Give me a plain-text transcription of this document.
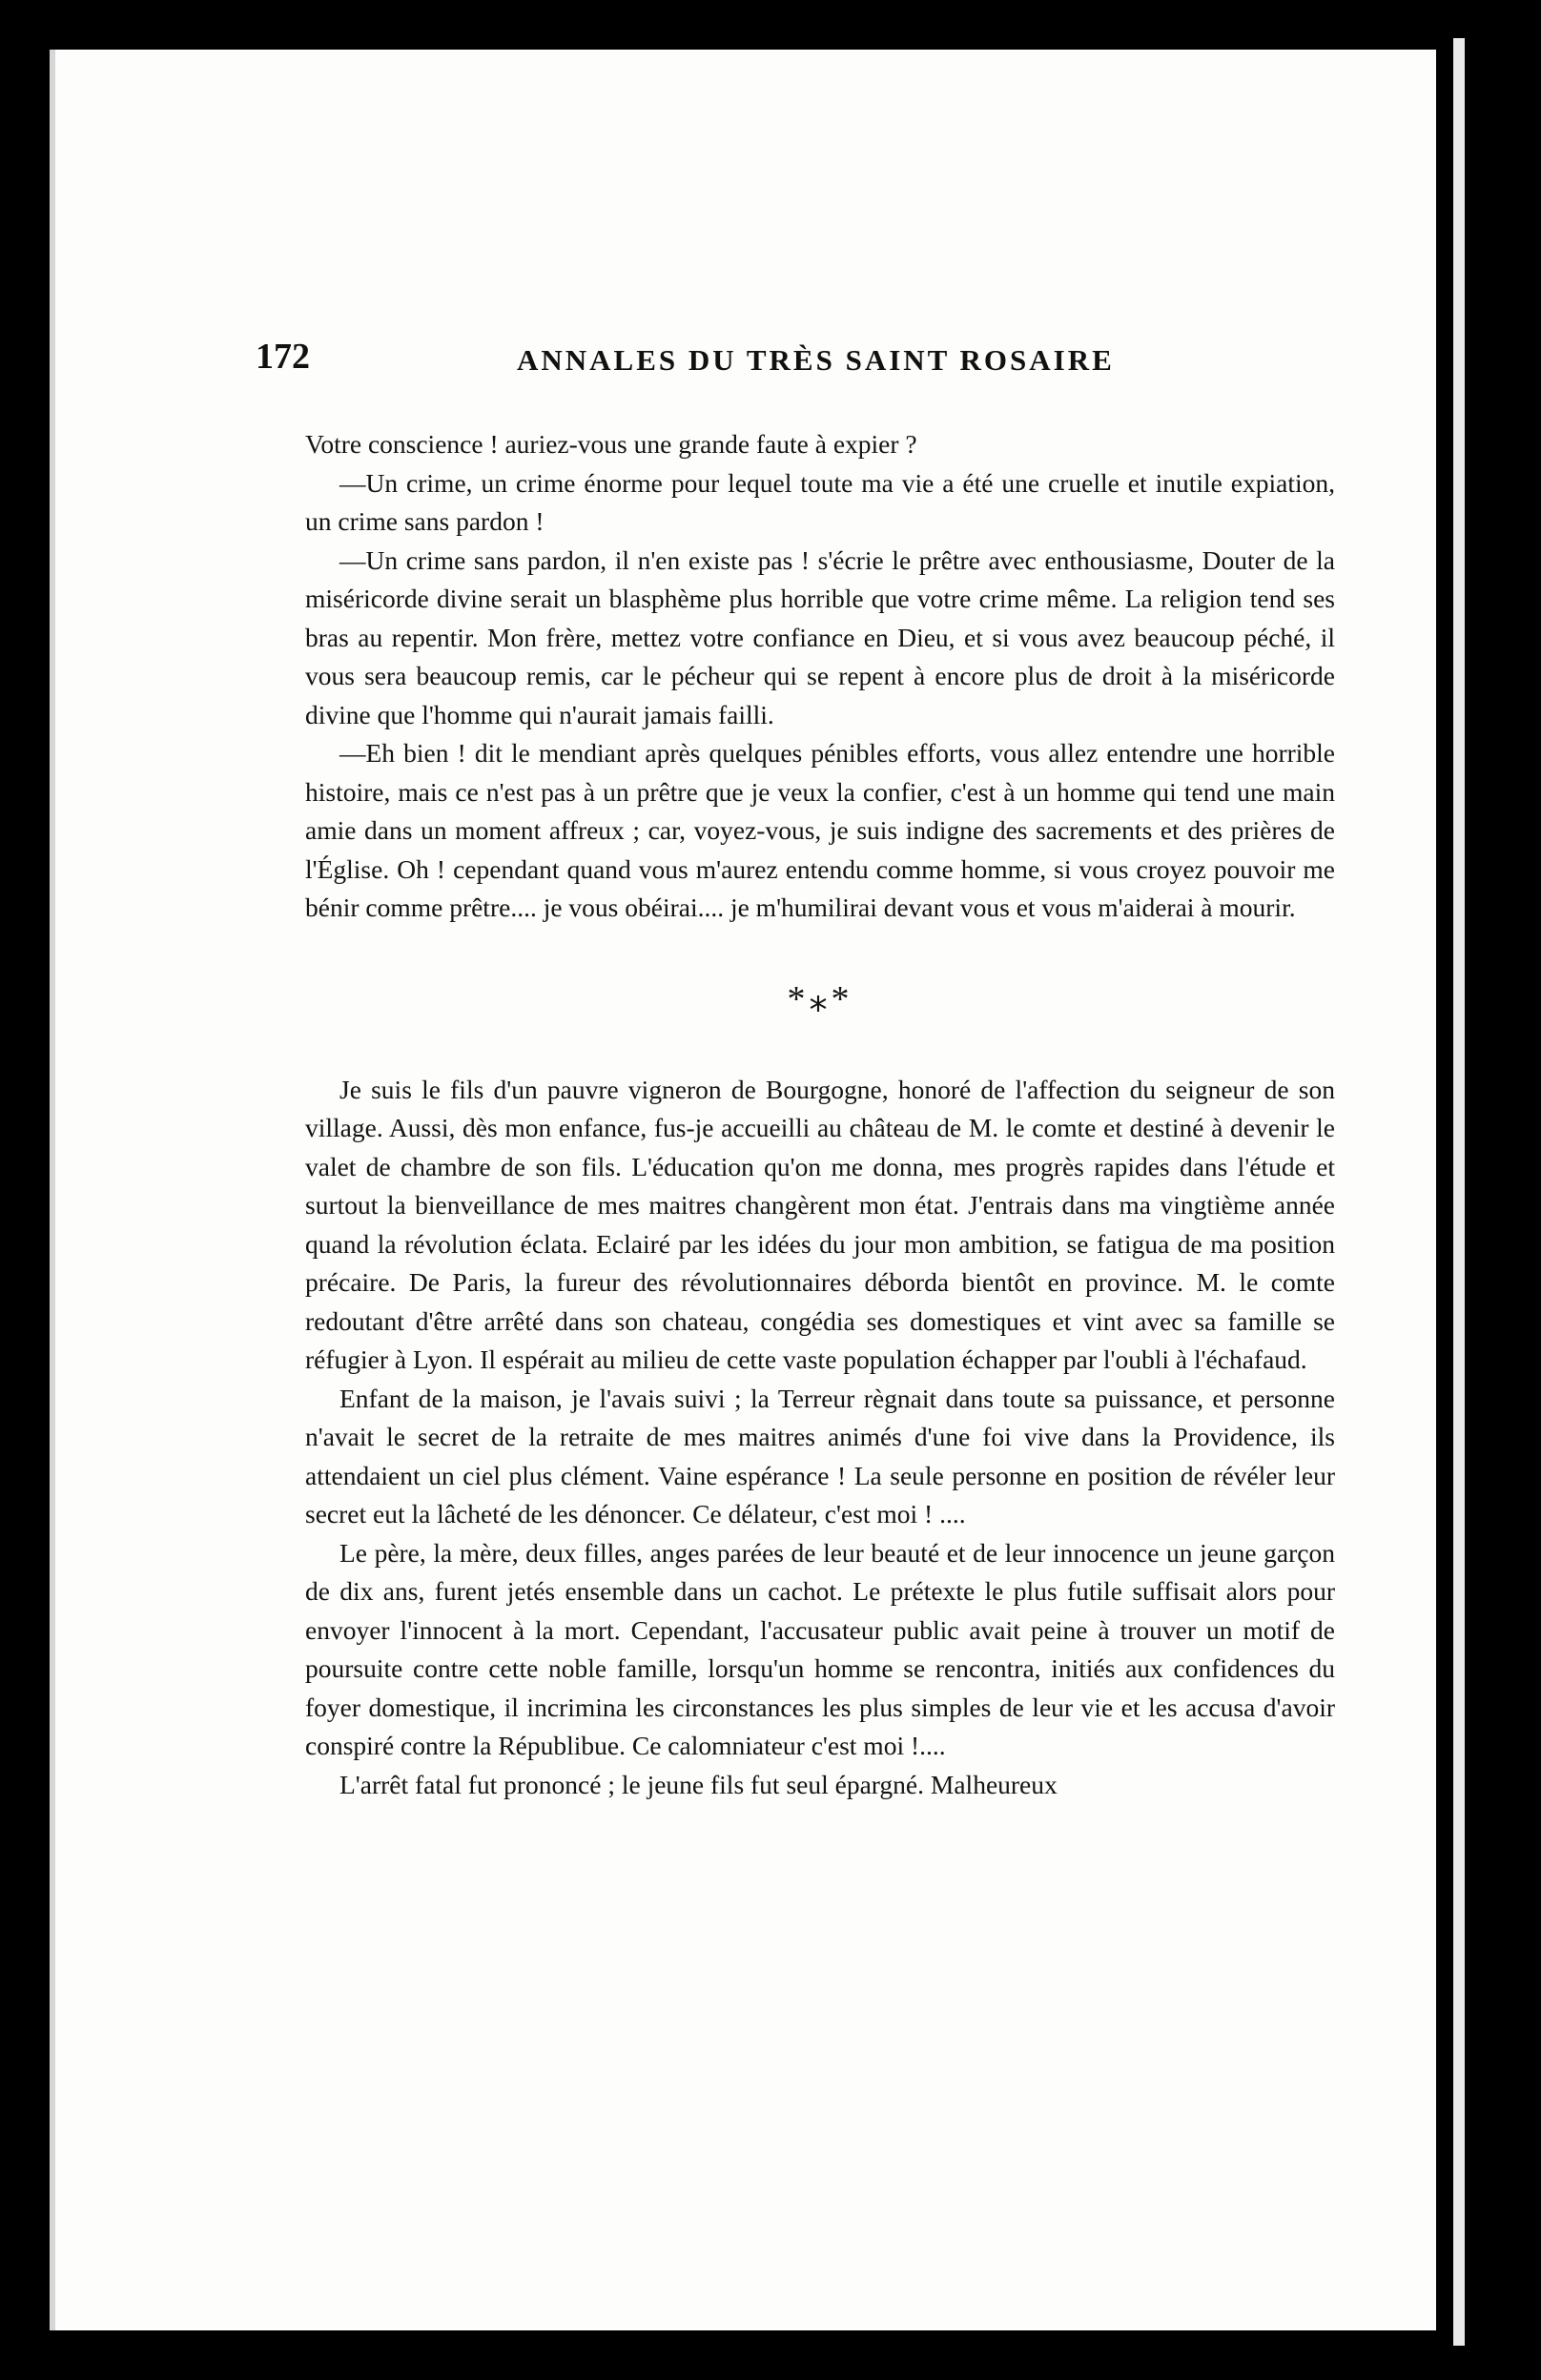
172	ANNALES DU TRÈS SAINT ROSAIRE

Votre conscience ! auriez-vous une grande faute à expier ?

—Un crime, un crime énorme pour lequel toute ma vie a été une cruelle et inutile expiation, un crime sans pardon !

—Un crime sans pardon, il n'en existe pas ! s'écrie le prêtre avec enthousiasme, Douter de la miséricorde divine serait un blasphème plus horrible que votre crime même. La religion tend ses bras au repentir. Mon frère, mettez votre confiance en Dieu, et si vous avez beaucoup péché, il vous sera beaucoup remis, car le pécheur qui se repent à encore plus de droit à la miséricorde divine que l'homme qui n'aurait jamais failli.

—Eh bien ! dit le mendiant après quelques pénibles efforts, vous allez entendre une horrible histoire, mais ce n'est pas à un prêtre que je veux la confier, c'est à un homme qui tend une main amie dans un moment affreux ; car, voyez-vous, je suis indigne des sacrements et des prières de l'Église. Oh ! cependant quand vous m'aurez entendu comme homme, si vous croyez pouvoir me bénir comme prêtre.... je vous obéirai.... je m'humilirai devant vous et vous m'aiderai à mourir.

*⁎*

Je suis le fils d'un pauvre vigneron de Bourgogne, honoré de l'affection du seigneur de son village. Aussi, dès mon enfance, fus-je accueilli au château de M. le comte et destiné à devenir le valet de chambre de son fils. L'éducation qu'on me donna, mes progrès rapides dans l'étude et surtout la bienveillance de mes maitres changèrent mon état. J'entrais dans ma vingtième année quand la révolution éclata. Eclairé par les idées du jour mon ambition, se fatigua de ma position précaire. De Paris, la fureur des révolutionnaires déborda bientôt en province. M. le comte redoutant d'être arrêté dans son chateau, congédia ses domestiques et vint avec sa famille se réfugier à Lyon. Il espérait au milieu de cette vaste population échapper par l'oubli à l'échafaud.

Enfant de la maison, je l'avais suivi ; la Terreur règnait dans toute sa puissance, et personne n'avait le secret de la retraite de mes maitres animés d'une foi vive dans la Providence, ils attendaient un ciel plus clément. Vaine espérance ! La seule personne en position de révéler leur secret eut la lâcheté de les dénoncer. Ce délateur, c'est moi ! ....

Le père, la mère, deux filles, anges parées de leur beauté et de leur innocence un jeune garçon de dix ans, furent jetés ensemble dans un cachot. Le prétexte le plus futile suffisait alors pour envoyer l'innocent à la mort. Cependant, l'accusateur public avait peine à trouver un motif de poursuite contre cette noble famille, lorsqu'un homme se rencontra, initiés aux confidences du foyer domestique, il incrimina les circonstances les plus simples de leur vie et les accusa d'avoir conspiré contre la Républibue. Ce calomniateur c'est moi !....

L'arrêt fatal fut prononcé ; le jeune fils fut seul épargné. Malheureux
